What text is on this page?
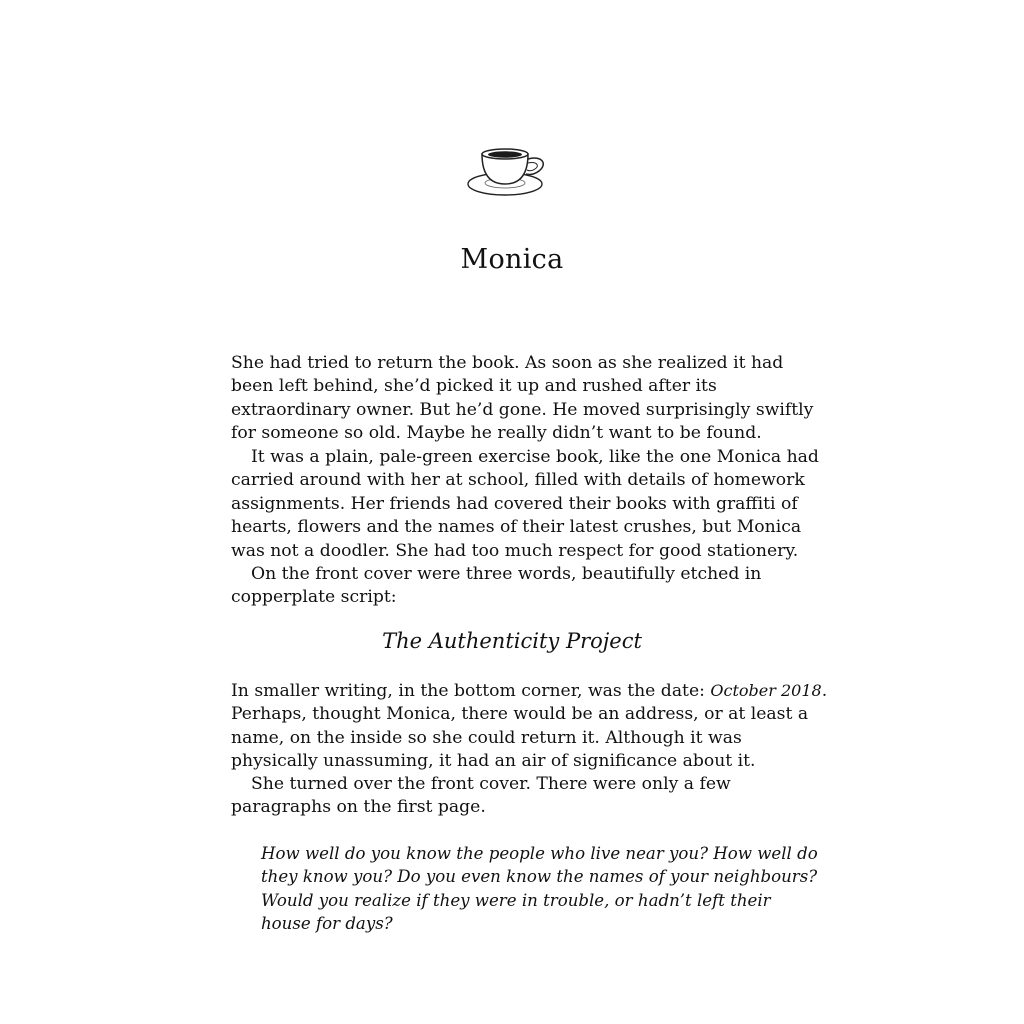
Monica

She had tried to return the book. As soon as she realized it had
been left behind, she’d picked it up and rushed after its
extraordinary owner. But he’d gone. He moved surprisingly swiftly
for someone so old. Maybe he really didn’t want to be found.

It was a plain, pale-green exercise book, like the one Monica had
carried around with her at school, filled with details of homework
assignments. Her friends had covered their books with graffiti of
hearts, flowers and the names of their latest crushes, but Monica
was not a doodler. She had too much respect for good stationery.

On the front cover were three words, beautifully etched in
copperplate script:

The Authenticity Project

In smaller writing, in the bottom corner, was the date: October 2018.
Perhaps, thought Monica, there would be an address, or at least a
name, on the inside so she could return it. Although it was
physically unassuming, it had an air of significance about it.

She turned over the front cover. There were only a few
paragraphs on the first page.

How well do you know the people who live near you? How well do
they know you? Do you even know the names of your neighbours?
Would you realize if they were in trouble, or hadn’t left their
house for days?
